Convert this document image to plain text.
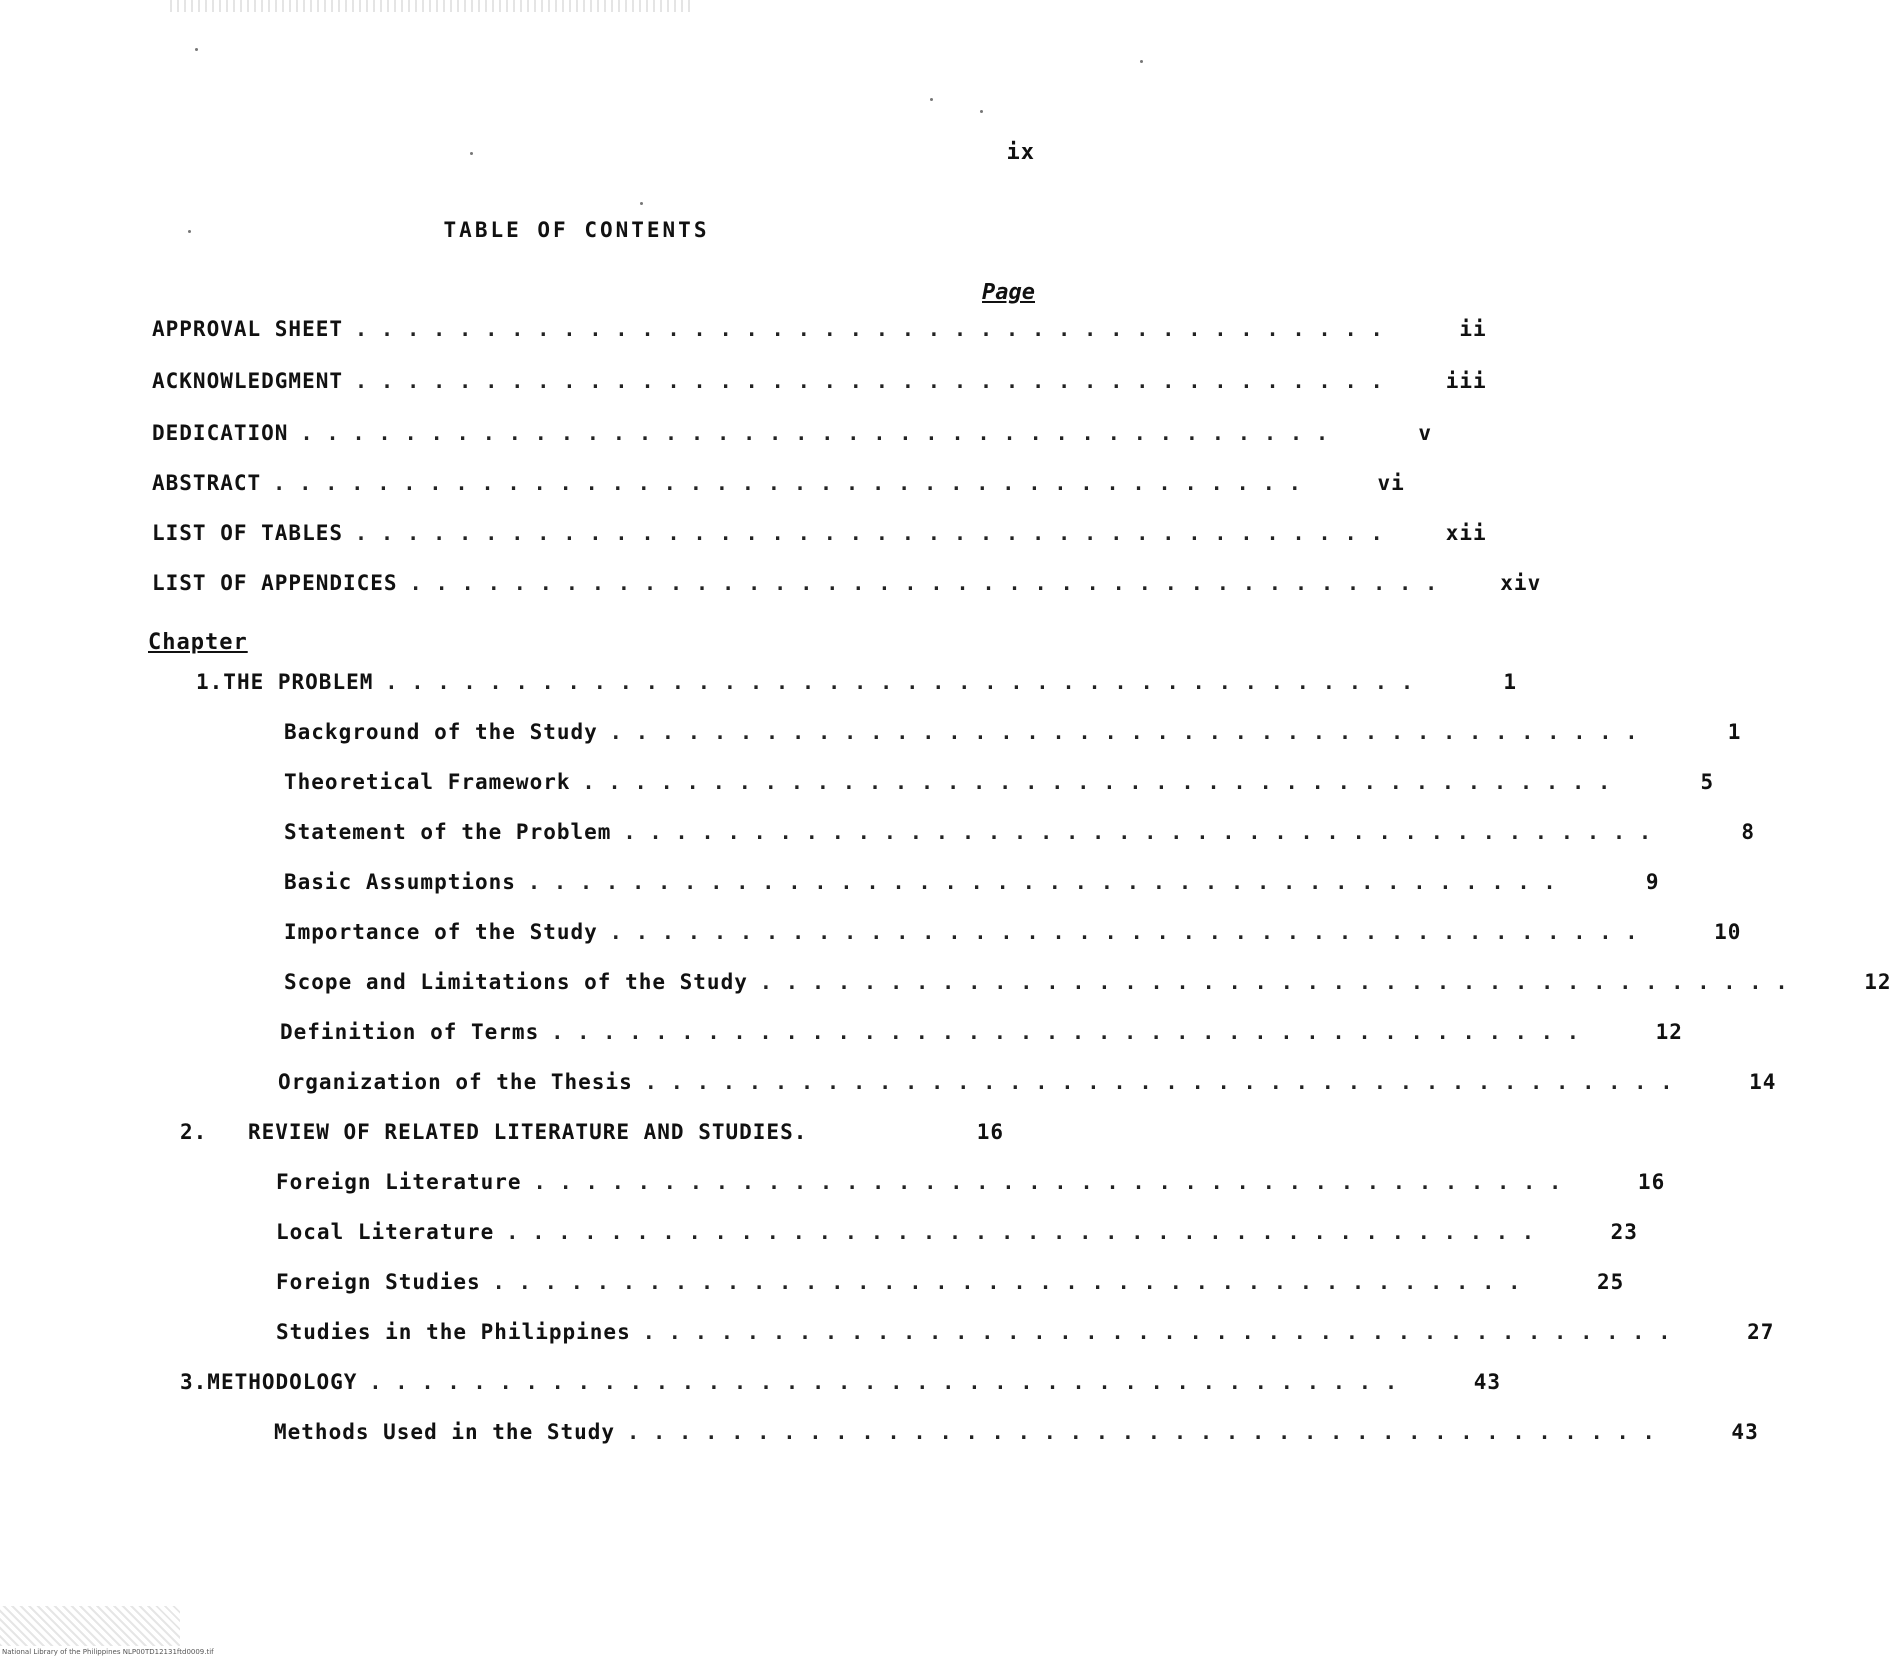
ix
TABLE OF CONTENTS
Page
APPROVAL SHEET ........................................	ii
ACKNOWLEDGMENT ........................................	iii
DEDICATION ........................................	v
ABSTRACT ........................................	vi
LIST OF TABLES ........................................	xii
LIST OF APPENDICES ........................................	xiv
Chapter
1. THE PROBLEM ........................................	1
Background of the Study ........................................	1
Theoretical Framework ........................................	5
Statement of the Problem ........................................	8
Basic Assumptions ........................................	9
Importance of the Study ........................................	10
Scope and Limitations of the Study ........................................	12
Definition of Terms ........................................	12
Organization of the Thesis ........................................	14
2.	REVIEW OF RELATED LITERATURE AND STUDIES.	16
Foreign Literature ........................................	16
Local Literature ........................................	23
Foreign Studies ........................................	25
Studies in the Philippines ........................................	27
3. METHODOLOGY ........................................	43
Methods Used in the Study ........................................	43
National Library of the Philippines NLP00TD12131ftd0009.tif
